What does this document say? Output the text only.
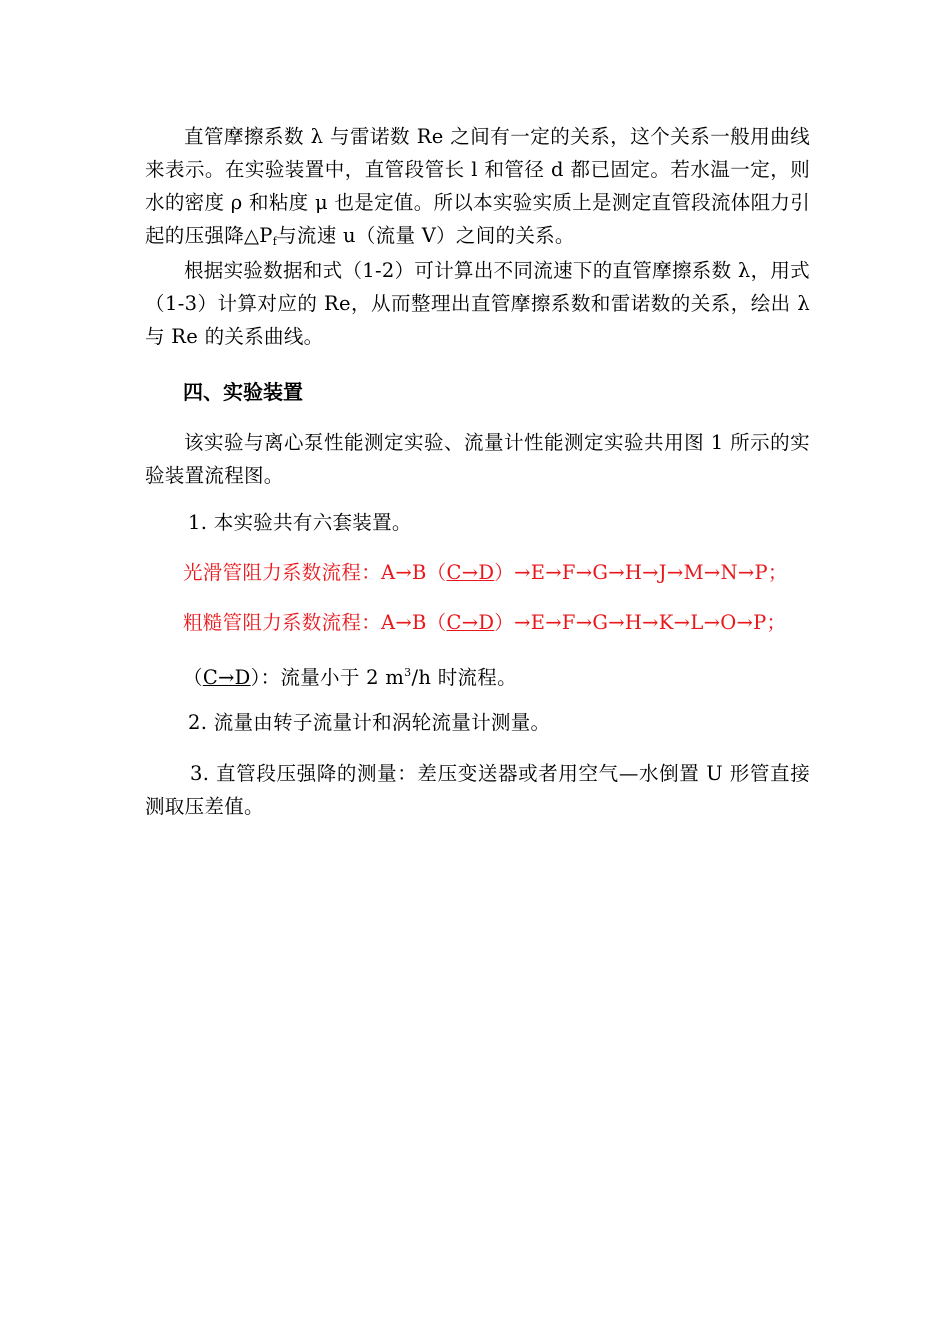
直管摩擦系数 λ 与雷诺数 Re 之间有一定的关系，这个关系一般用曲线来表示。在实验装置中，直管段管长 l 和管径 d 都已固定。若水温一定，则水的密度 ρ 和粘度 μ 也是定值。所以本实验实质上是测定直管段流体阻力引起的压强降$\triangle P_f$与流速 u（流量 V）之间的关系。

根据实验数据和式（1-2）可计算出不同流速下的直管摩擦系数 λ，用式（1-3）计算对应的 Re，从而整理出直管摩擦系数和雷诺数的关系，绘出 λ 与 Re 的关系曲线。

四、实验装置

该实验与离心泵性能测定实验、流量计性能测定实验共用图 1 所示的实验装置流程图。

1. 本实验共有六套装置。
光滑管阻力系数流程：A→B（C→D）→E→F→G→H→J→M→N→P；
粗糙管阻力系数流程：A→B（C→D）→E→F→G→H→K→L→O→P；
（C→D）：流量小于 2 $m^3/h$ 时流程。
2. 流量由转子流量计和涡轮流量计测量。

3. 直管段压强降的测量：差压变送器或者用空气—水倒置 U 形管直接测取压差值。
